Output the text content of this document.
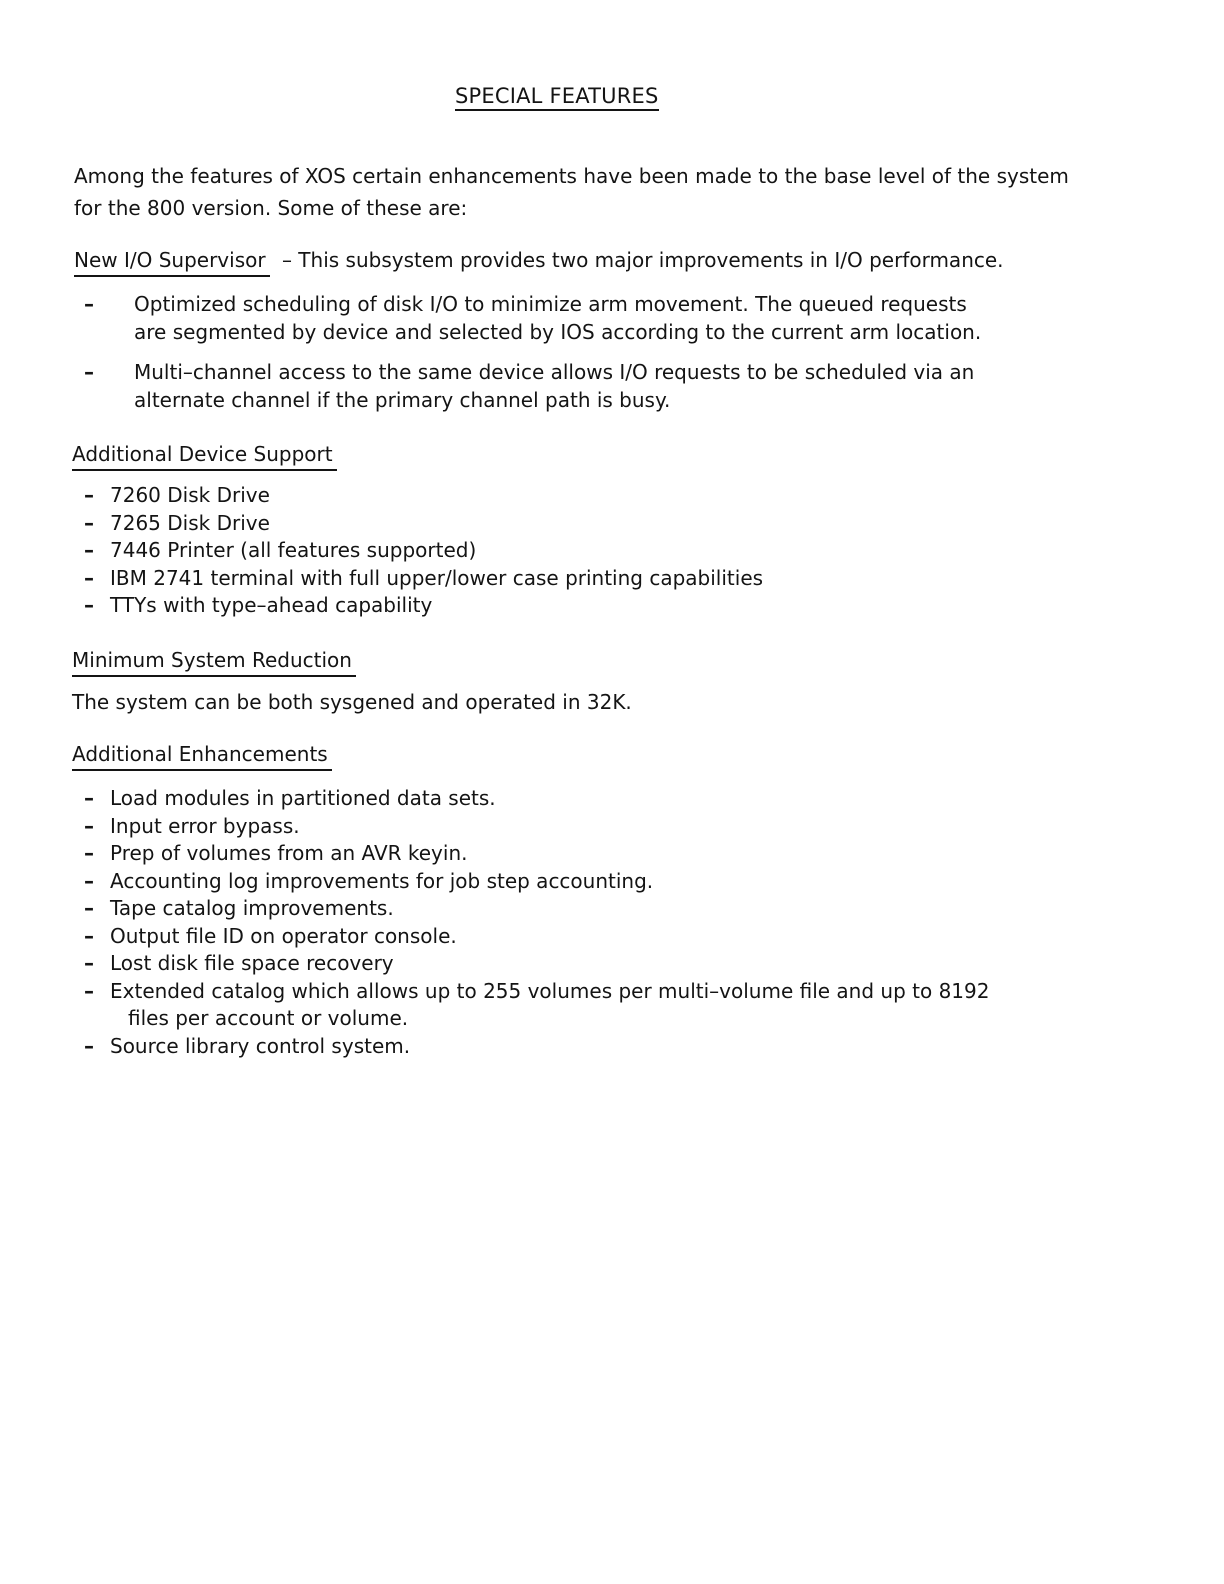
SPECIAL FEATURES
Among the features of XOS certain enhancements have been made to the base level of the system
for the 800 version. Some of these are:
New I/O Supervisor – This subsystem provides two major improvements in I/O performance.
– Optimized scheduling of disk I/O to minimize arm movement. The queued requests
are segmented by device and selected by IOS according to the current arm location.
– Multi–channel access to the same device allows I/O requests to be scheduled via an
alternate channel if the primary channel path is busy.
Additional Device Support
– 7260 Disk Drive
– 7265 Disk Drive
– 7446 Printer (all features supported)
– IBM 2741 terminal with full upper/lower case printing capabilities
– TTYs with type–ahead capability
Minimum System Reduction
The system can be both sysgened and operated in 32K.
Additional Enhancements
– Load modules in partitioned data sets.
– Input error bypass.
– Prep of volumes from an AVR keyin.
– Accounting log improvements for job step accounting.
– Tape catalog improvements.
– Output file ID on operator console.
– Lost disk file space recovery
– Extended catalog which allows up to 255 volumes per multi–volume file and up to 8192
files per account or volume.
– Source library control system.
